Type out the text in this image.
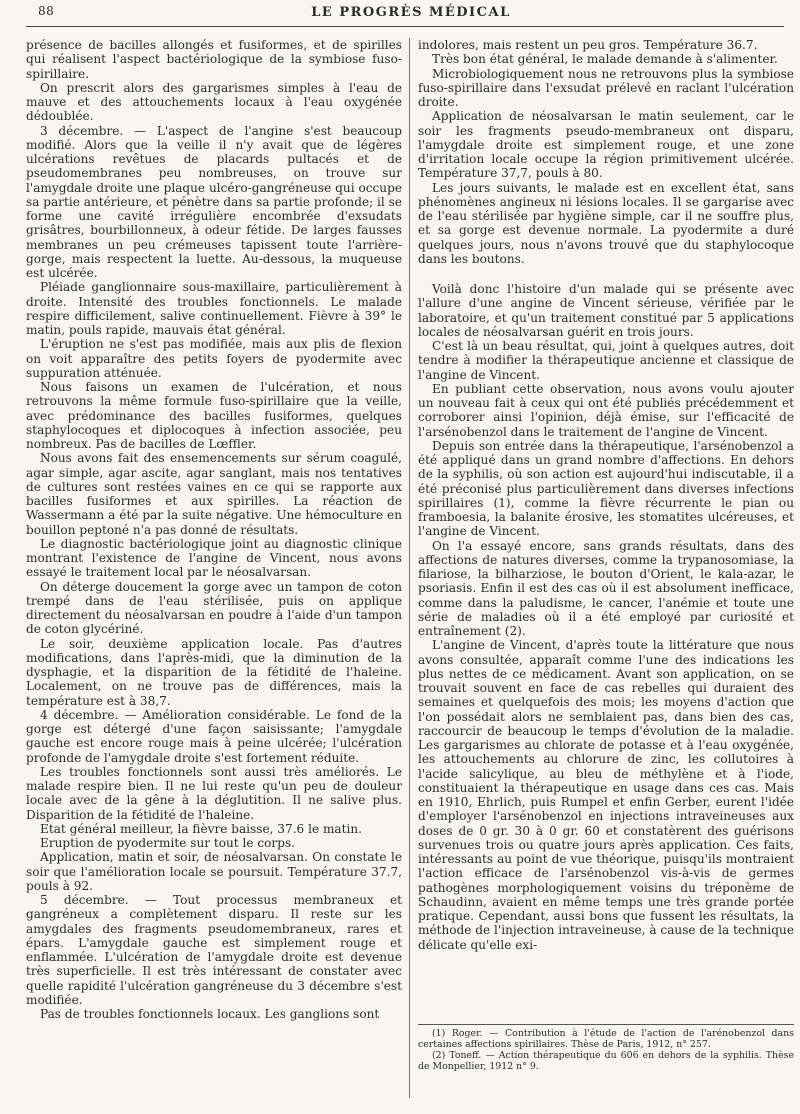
88	LE PROGRÈS MÉDICAL

présence de bacilles allongés et fusiformes, et de spirilles qui réalisent l'aspect bactériologique de la symbiose fuso-spirillaire.

On prescrit alors des gargarismes simples à l'eau de mauve et des attouchements locaux à l'eau oxygénée dédoublée.

3 décembre. — L'aspect de l'angine s'est beaucoup modifié. Alors que la veille il n'y avait que de légères ulcérations revêtues de placards pultacés et de pseudomembranes peu nombreuses, on trouve sur l'amygdale droite une plaque ulcéro-gangréneuse qui occupe sa partie antérieure, et pénètre dans sa partie profonde; il se forme une cavité irrégulière encombrée d'exsudats grisâtres, bourbillonneux, à odeur fétide. De larges fausses membranes un peu crémeuses tapissent toute l'arrière-gorge, mais respectent la luette. Au-dessous, la muqueuse est ulcérée.

Pléiade ganglionnaire sous-maxillaire, particulièrement à droite. Intensité des troubles fonctionnels. Le malade respire difficilement, salive continuellement. Fièvre à 39° le matin, pouls rapide, mauvais état général.

L'éruption ne s'est pas modifiée, mais aux plis de flexion on voit apparaître des petits foyers de pyodermite avec suppuration atténuée.

Nous faisons un examen de l'ulcération, et nous retrouvons la même formule fuso-spirillaire que la veille, avec prédominance des bacilles fusiformes, quelques staphylocoques et diplocoques à infection associée, peu nombreux. Pas de bacilles de Lœffler.

Nous avons fait des ensemencements sur sérum coagulé, agar simple, agar ascite, agar sanglant, mais nos tentatives de cultures sont restées vaines en ce qui se rapporte aux bacilles fusiformes et aux spirilles. La réaction de Wassermann a été par la suite négative. Une hémoculture en bouillon peptoné n'a pas donné de résultats.

Le diagnostic bactériologique joint au diagnostic clinique montrant l'existence de l'angine de Vincent, nous avons essayé le traitement local par le néosalvarsan.

On déterge doucement la gorge avec un tampon de coton trempé dans de l'eau stérilisée, puis on applique directement du néosalvarsan en poudre à l'aide d'un tampon de coton glycériné.

Le soir, deuxième application locale. Pas d'autres modifications, dans l'après-midi, que la diminution de la dysphagie, et la disparition de la fétidité de l'haleine. Localement, on ne trouve pas de différences, mais la température est à 38,7.

4 décembre. — Amélioration considérable. Le fond de la gorge est détergé d'une façon saisissante; l'amygdale gauche est encore rouge mais à peine ulcérée; l'ulcération profonde de l'amygdale droite s'est fortement réduite.

Les troubles fonctionnels sont aussi très améliorés. Le malade respire bien. Il ne lui reste qu'un peu de douleur locale avec de la gêne à la déglutition. Il ne salive plus. Disparition de la fétidité de l'haleine.

Etat général meilleur, la fièvre baisse, 37.6 le matin.

Eruption de pyodermite sur tout le corps.

Application, matin et soir, de néosalvarsan. On constate le soir que l'amélioration locale se poursuit. Température 37.7, pouls à 92.

5 décembre. — Tout processus membraneux et gangréneux a complètement disparu. Il reste sur les amygdales des fragments pseudomembraneux, rares et épars. L'amygdale gauche est simplement rouge et enflammée. L'ulcération de l'amygdale droite est devenue très superficielle. Il est très intéressant de constater avec quelle rapidité l'ulcération gangréneuse du 3 décembre s'est modifiée.

Pas de troubles fonctionnels locaux. Les ganglions sont

indolores, mais restent un peu gros. Température 36.7.

Très bon état général, le malade demande à s'alimenter.

Microbiologiquement nous ne retrouvons plus la symbiose fuso-spirillaire dans l'exsudat prélevé en raclant l'ulcération droite.

Application de néosalvarsan le matin seulement, car le soir les fragments pseudo-membraneux ont disparu, l'amygdale droite est simplement rouge, et une zone d'irritation locale occupe la région primitivement ulcérée. Température 37,7, pouls à 80.

Les jours suivants, le malade est en excellent état, sans phénomènes angineux ni lésions locales. Il se gargarise avec de l'eau stérilisée par hygiène simple, car il ne souffre plus, et sa gorge est devenue normale. La pyodermite a duré quelques jours, nous n'avons trouvé que du staphylocoque dans les boutons.

Voilà donc l'histoire d'un malade qui se présente avec l'allure d'une angine de Vincent sérieuse, vérifiée par le laboratoire, et qu'un traitement constitué par 5 applications locales de néosalvarsan guérit en trois jours.

C'est là un beau résultat, qui, joint à quelques autres, doit tendre à modifier la thérapeutique ancienne et classique de l'angine de Vincent.

En publiant cette observation, nous avons voulu ajouter un nouveau fait à ceux qui ont été publiés précédemment et corroborer ainsi l'opinion, déjà émise, sur l'efficacité de l'arsénobenzol dans le traitement de l'angine de Vincent.

Depuis son entrée dans la thérapeutique, l'arsénobenzol a été appliqué dans un grand nombre d'affections. En dehors de la syphilis, où son action est aujourd'hui indiscutable, il a été préconisé plus particulièrement dans diverses infections spirillaires (1), comme la fièvre récurrente le pian ou framboesia, la balanite érosive, les stomatites ulcéreuses, et l'angine de Vincent.

On l'a essayé encore, sans grands résultats, dans des affections de natures diverses, comme la trypanosomiase, la filariose, la bilharziose, le bouton d'Orient, le kala-azar, le psoriasis. Enfin il est des cas où il est absolument inefficace, comme dans la paludisme, le cancer, l'anémie et toute une série de maladies où il a été employé par curiosité et entraînement (2).

L'angine de Vincent, d'après toute la littérature que nous avons consultée, apparaît comme l'une des indications les plus nettes de ce médicament. Avant son application, on se trouvait souvent en face de cas rebelles qui duraient des semaines et quelquefois des mois; les moyens d'action que l'on possédait alors ne semblaient pas, dans bien des cas, raccourcir de beaucoup le temps d'évolution de la maladie. Les gargarismes au chlorate de potasse et à l'eau oxygénée, les attouchements au chlorure de zinc, les collutoires à l'acide salicylique, au bleu de méthylène et à l'iode, constituaient la thérapeutique en usage dans ces cas. Mais en 1910, Ehrlich, puis Rumpel et enfin Gerber, eurent l'idée d'employer l'arsénobenzol en injections intraveineuses aux doses de 0 gr. 30 à 0 gr. 60 et constatèrent des guérisons survenues trois ou quatre jours après application. Ces faits, intéressants au point de vue théorique, puisqu'ils montraient l'action efficace de l'arsénobenzol vis-à-vis de germes pathogènes morphologiquement voisins du tréponème de Schaudinn, avaient en même temps une très grande portée pratique. Cependant, aussi bons que fussent les résultats, la méthode de l'injection intraveineuse, à cause de la technique délicate qu'elle exi-

(1) Roger. — Contribution à l'étude de l'action de l'arénobenzol dans certaines affections spirillaires. Thèse de Paris, 1912, n° 257.

(2) Toneff. — Action thérapeutique du 606 en dehors de la syphilis. Thèse de Monpellier, 1912 n° 9.
